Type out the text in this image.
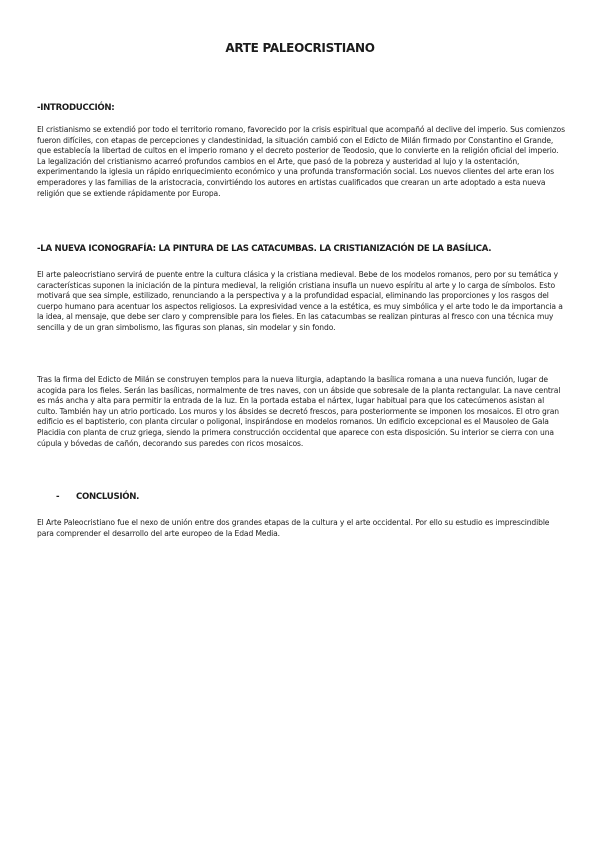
ARTE PALEOCRISTIANO
-INTRODUCCIÓN:

El cristianismo se extendió por todo el territorio romano, favorecido por la crisis espiritual que acompañó al declive del imperio. Sus comienzos fueron difíciles, con etapas de percepciones y clandestinidad, la situación cambió con el Edicto de Milán firmado por Constantino el Grande, que establecía la libertad de cultos en el imperio romano y el decreto posterior de Teodosio, que lo convierte en la religión oficial del imperio. La legalización del cristianismo acarreó profundos cambios en el Arte, que pasó de la pobreza y austeridad al lujo y la ostentación, experimentando la iglesia un rápido enriquecimiento económico y una profunda transformación social. Los nuevos clientes del arte eran los emperadores y las familias de la aristocracia, convirtiéndo los autores en artistas cualificados que crearan un arte adoptado a esta nueva religión que se extiende rápidamente por Europa.

-LA NUEVA ICONOGRAFÍA: LA PINTURA DE LAS CATACUMBAS. LA CRISTIANIZACIÓN DE LA BASÍLICA.

El arte paleocristiano servirá de puente entre la cultura clásica y la cristiana medieval. Bebe de los modelos romanos, pero por su temática y características suponen la iniciación de la pintura medieval, la religión cristiana insufla un nuevo espíritu al arte y lo carga de símbolos. Esto motivará que sea simple, estilizado, renunciando a la perspectiva y a la profundidad espacial, eliminando las proporciones y los rasgos del cuerpo humano para acentuar los aspectos religiosos. La expresividad vence a la estética, es muy simbólica y el arte todo le da importancia a la idea, al mensaje, que debe ser claro y comprensible para los fieles. En las catacumbas se realizan pinturas al fresco con una técnica muy sencilla y de un gran simbolismo, las figuras son planas, sin modelar y sin fondo.

Tras la firma del Edicto de Milán se construyen templos para la nueva liturgia, adaptando la basílica romana a una nueva función, lugar de acogida para los fieles. Serán las basílicas, normalmente de tres naves, con un ábside que sobresale de la planta rectangular. La nave central es más ancha y alta para permitir la entrada de la luz. En la portada estaba el nártex, lugar habitual para que los catecúmenos asistan al culto. También hay un atrio porticado. Los muros y los ábsides se decretó frescos, para posteriormente se imponen los mosaicos. El otro gran edificio es el baptisterio, con planta circular o poligonal, inspirándose en modelos romanos. Un edificio excepcional es el Mausoleo de Gala Placidia con planta de cruz griega, siendo la primera construcción occidental que aparece con esta disposición. Su interior se cierra con una cúpula y bóvedas de cañón, decorando sus paredes con ricos mosaicos.

- CONCLUSIÓN.

El Arte Paleocristiano fue el nexo de unión entre dos grandes etapas de la cultura y el arte occidental. Por ello su estudio es imprescindible para comprender el desarrollo del arte europeo de la Edad Media.
